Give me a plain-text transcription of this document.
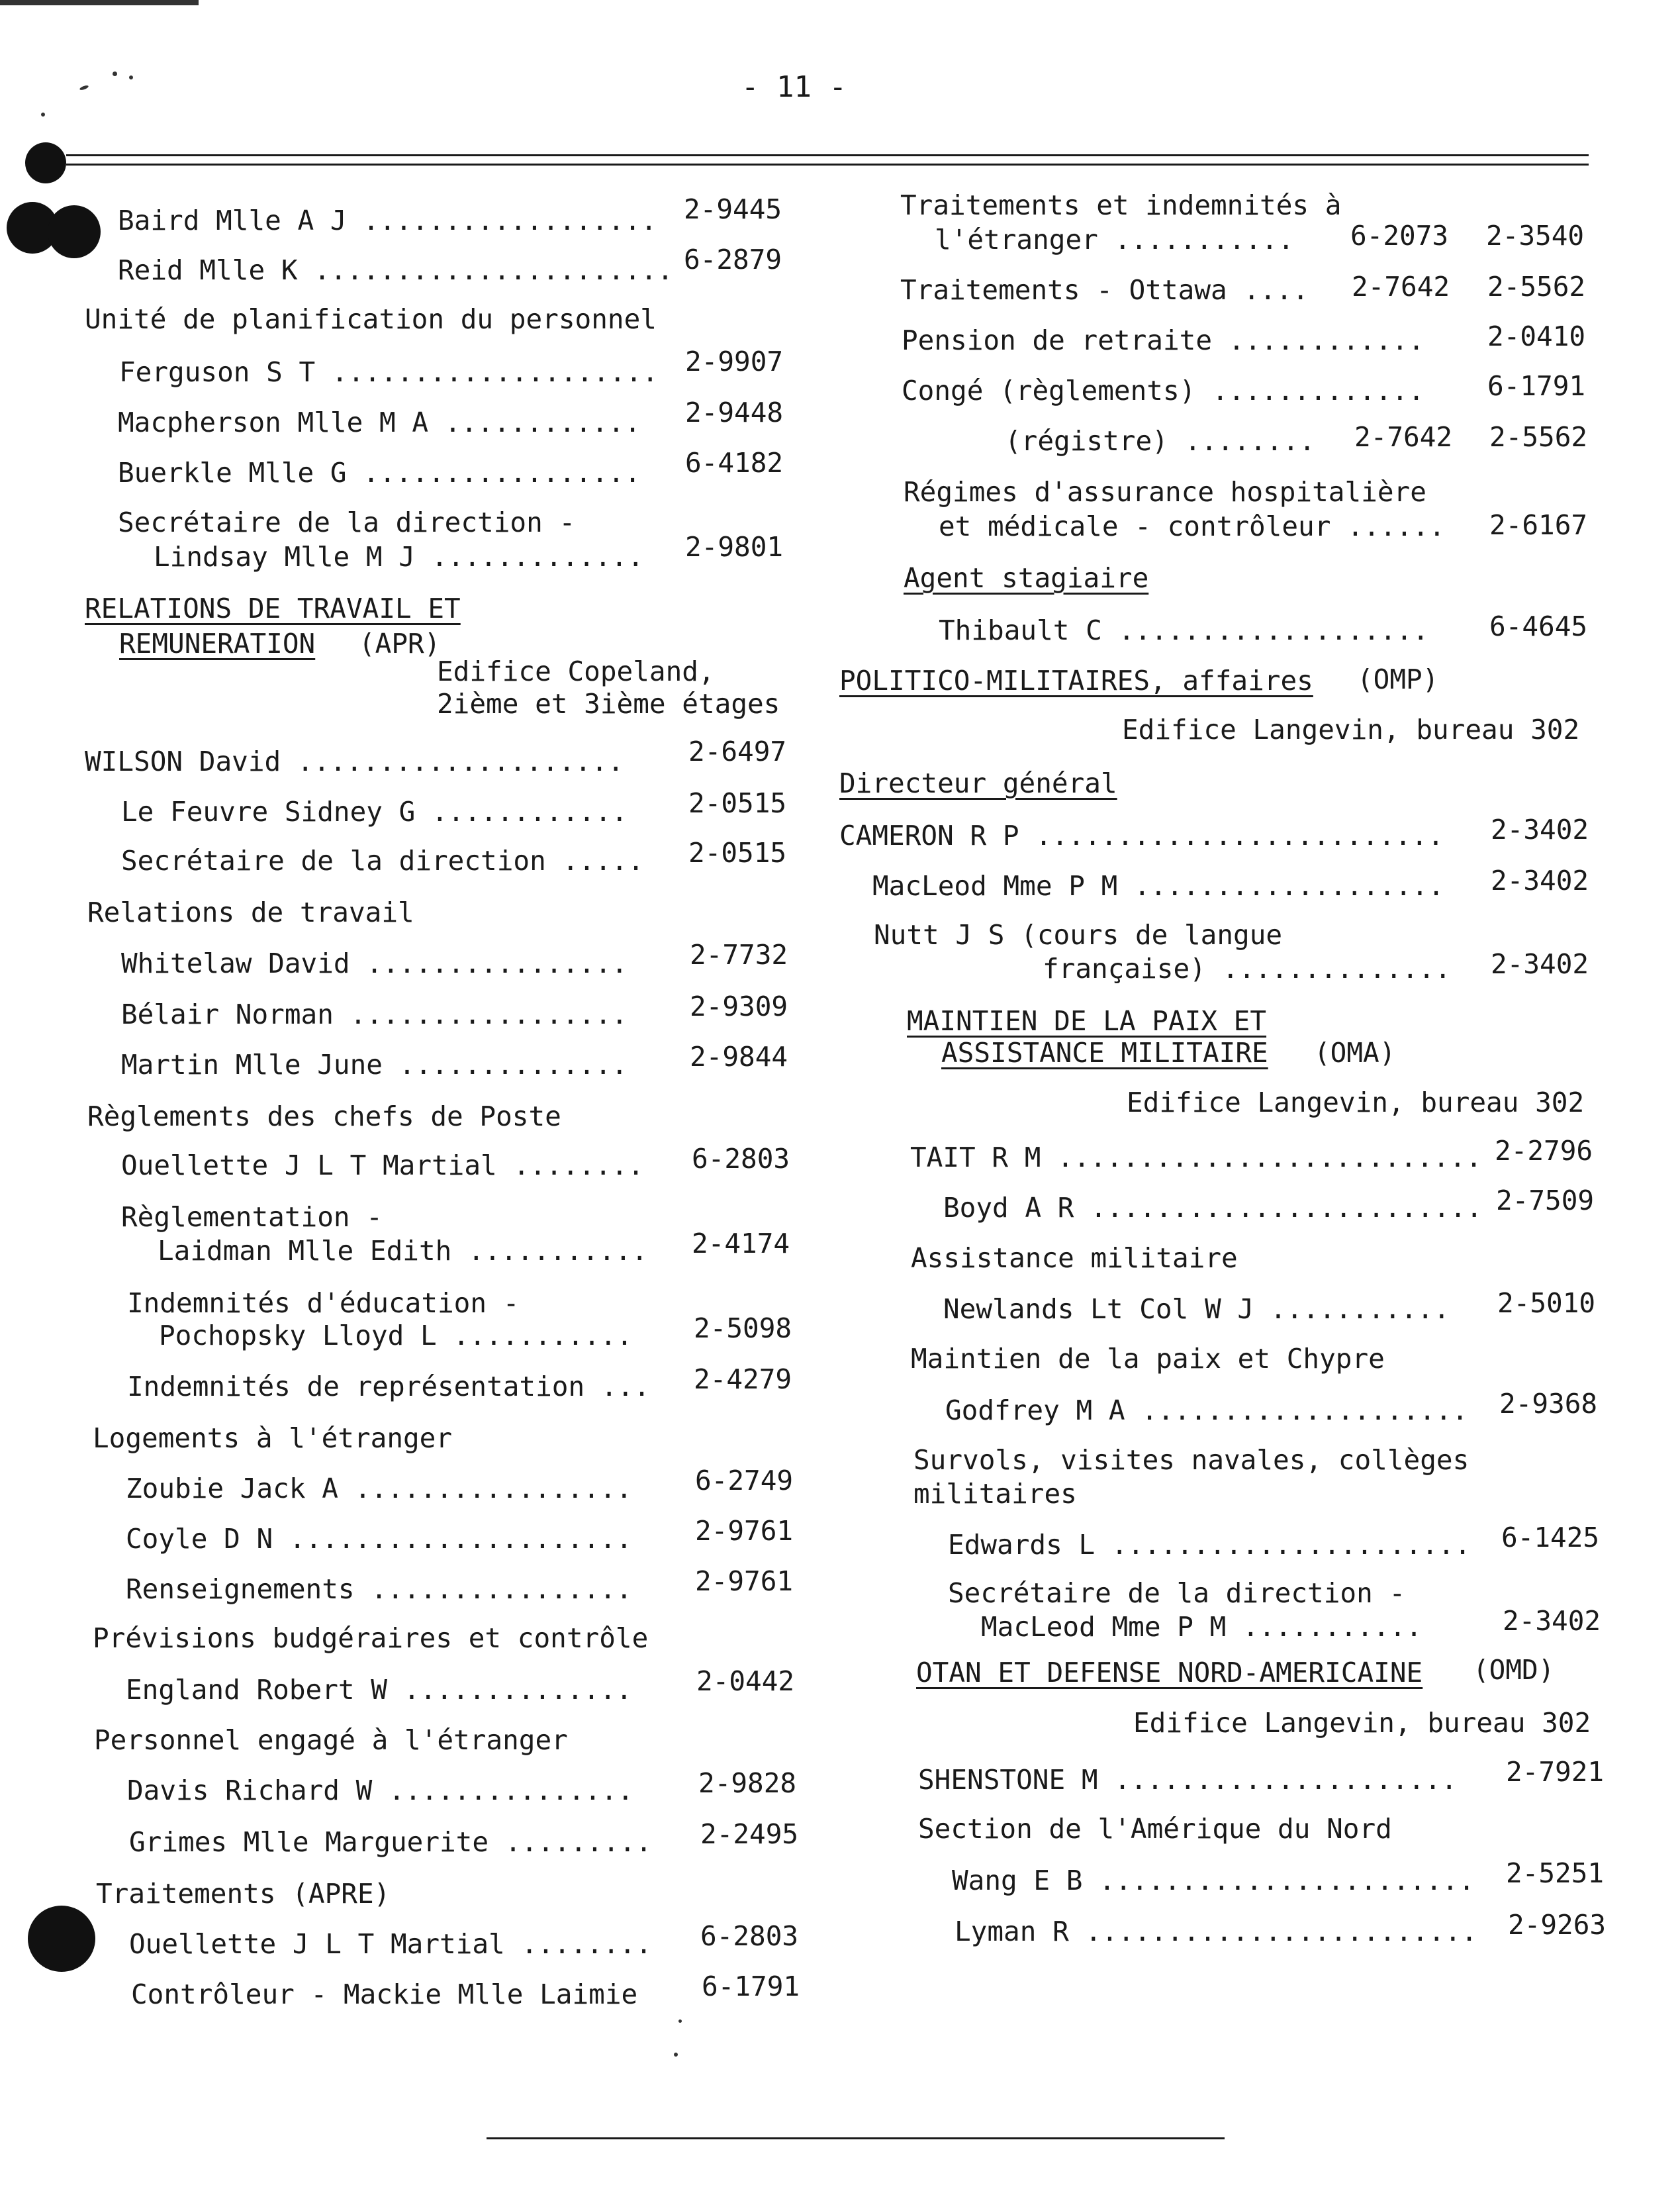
- 11 -
Baird Mlle A J .................. 2-9445
Reid Mlle K ...................... 6-2879
Unité de planification du personnel
Ferguson S T .................... 2-9907
Macpherson Mlle M A ............ 2-9448
Buerkle Mlle G ................. 6-4182
Secrétaire de la direction -
Lindsay Mlle M J ............. 2-9801
RELATIONS DE TRAVAIL ET
REMUNERATION (APR)
Edifice Copeland,
2ième et 3ième étages
WILSON David .................... 2-6497
Le Feuvre Sidney G ............ 2-0515
Secrétaire de la direction ..... 2-0515
Relations de travail
Whitelaw David ................ 2-7732
Bélair Norman ................. 2-9309
Martin Mlle June .............. 2-9844
Règlements des chefs de Poste
Ouellette J L T Martial ........ 6-2803
Règlementation -
Laidman Mlle Edith ........... 2-4174
Indemnités d'éducation -
Pochopsky Lloyd L ........... 2-5098
Indemnités de représentation ... 2-4279
Logements à l'étranger
Zoubie Jack A ................. 6-2749
Coyle D N ..................... 2-9761
Renseignements ................ 2-9761
Prévisions budgéraires et contrôle
England Robert W .............. 2-0442
Personnel engagé à l'étranger
Davis Richard W ............... 2-9828
Grimes Mlle Marguerite ......... 2-2495
Traitements (APRE)
Ouellette J L T Martial ........ 6-2803
Contrôleur - Mackie Mlle Laimie 6-1791
Traitements et indemnités à
l'étranger ........... 6-2073 2-3540
Traitements - Ottawa .... 2-7642 2-5562
Pension de retraite ............ 2-0410
Congé (règlements) ............. 6-1791
(régistre) ........ 2-7642 2-5562
Régimes d'assurance hospitalière
et médicale - contrôleur ...... 2-6167
Agent stagiaire
Thibault C ................... 6-4645
POLITICO-MILITAIRES, affaires (OMP)
Edifice Langevin, bureau 302
Directeur général
CAMERON R P ......................... 2-3402
MacLeod Mme P M ................... 2-3402
Nutt J S (cours de langue
française) .............. 2-3402
MAINTIEN DE LA PAIX ET
ASSISTANCE MILITAIRE (OMA)
Edifice Langevin, bureau 302
TAIT R M .......................... 2-2796
Boyd A R ........................ 2-7509
Assistance militaire
Newlands Lt Col W J ........... 2-5010
Maintien de la paix et Chypre
Godfrey M A .................... 2-9368
Survols, visites navales, collèges
militaires
Edwards L ...................... 6-1425
Secrétaire de la direction -
MacLeod Mme P M ...........	2-3402
OTAN ET DEFENSE NORD-AMERICAINE (OMD)
Edifice Langevin, bureau 302
SHENSTONE M ..................... 2-7921
Section de l'Amérique du Nord
Wang E B ....................... 2-5251
Lyman R ........................ 2-9263
